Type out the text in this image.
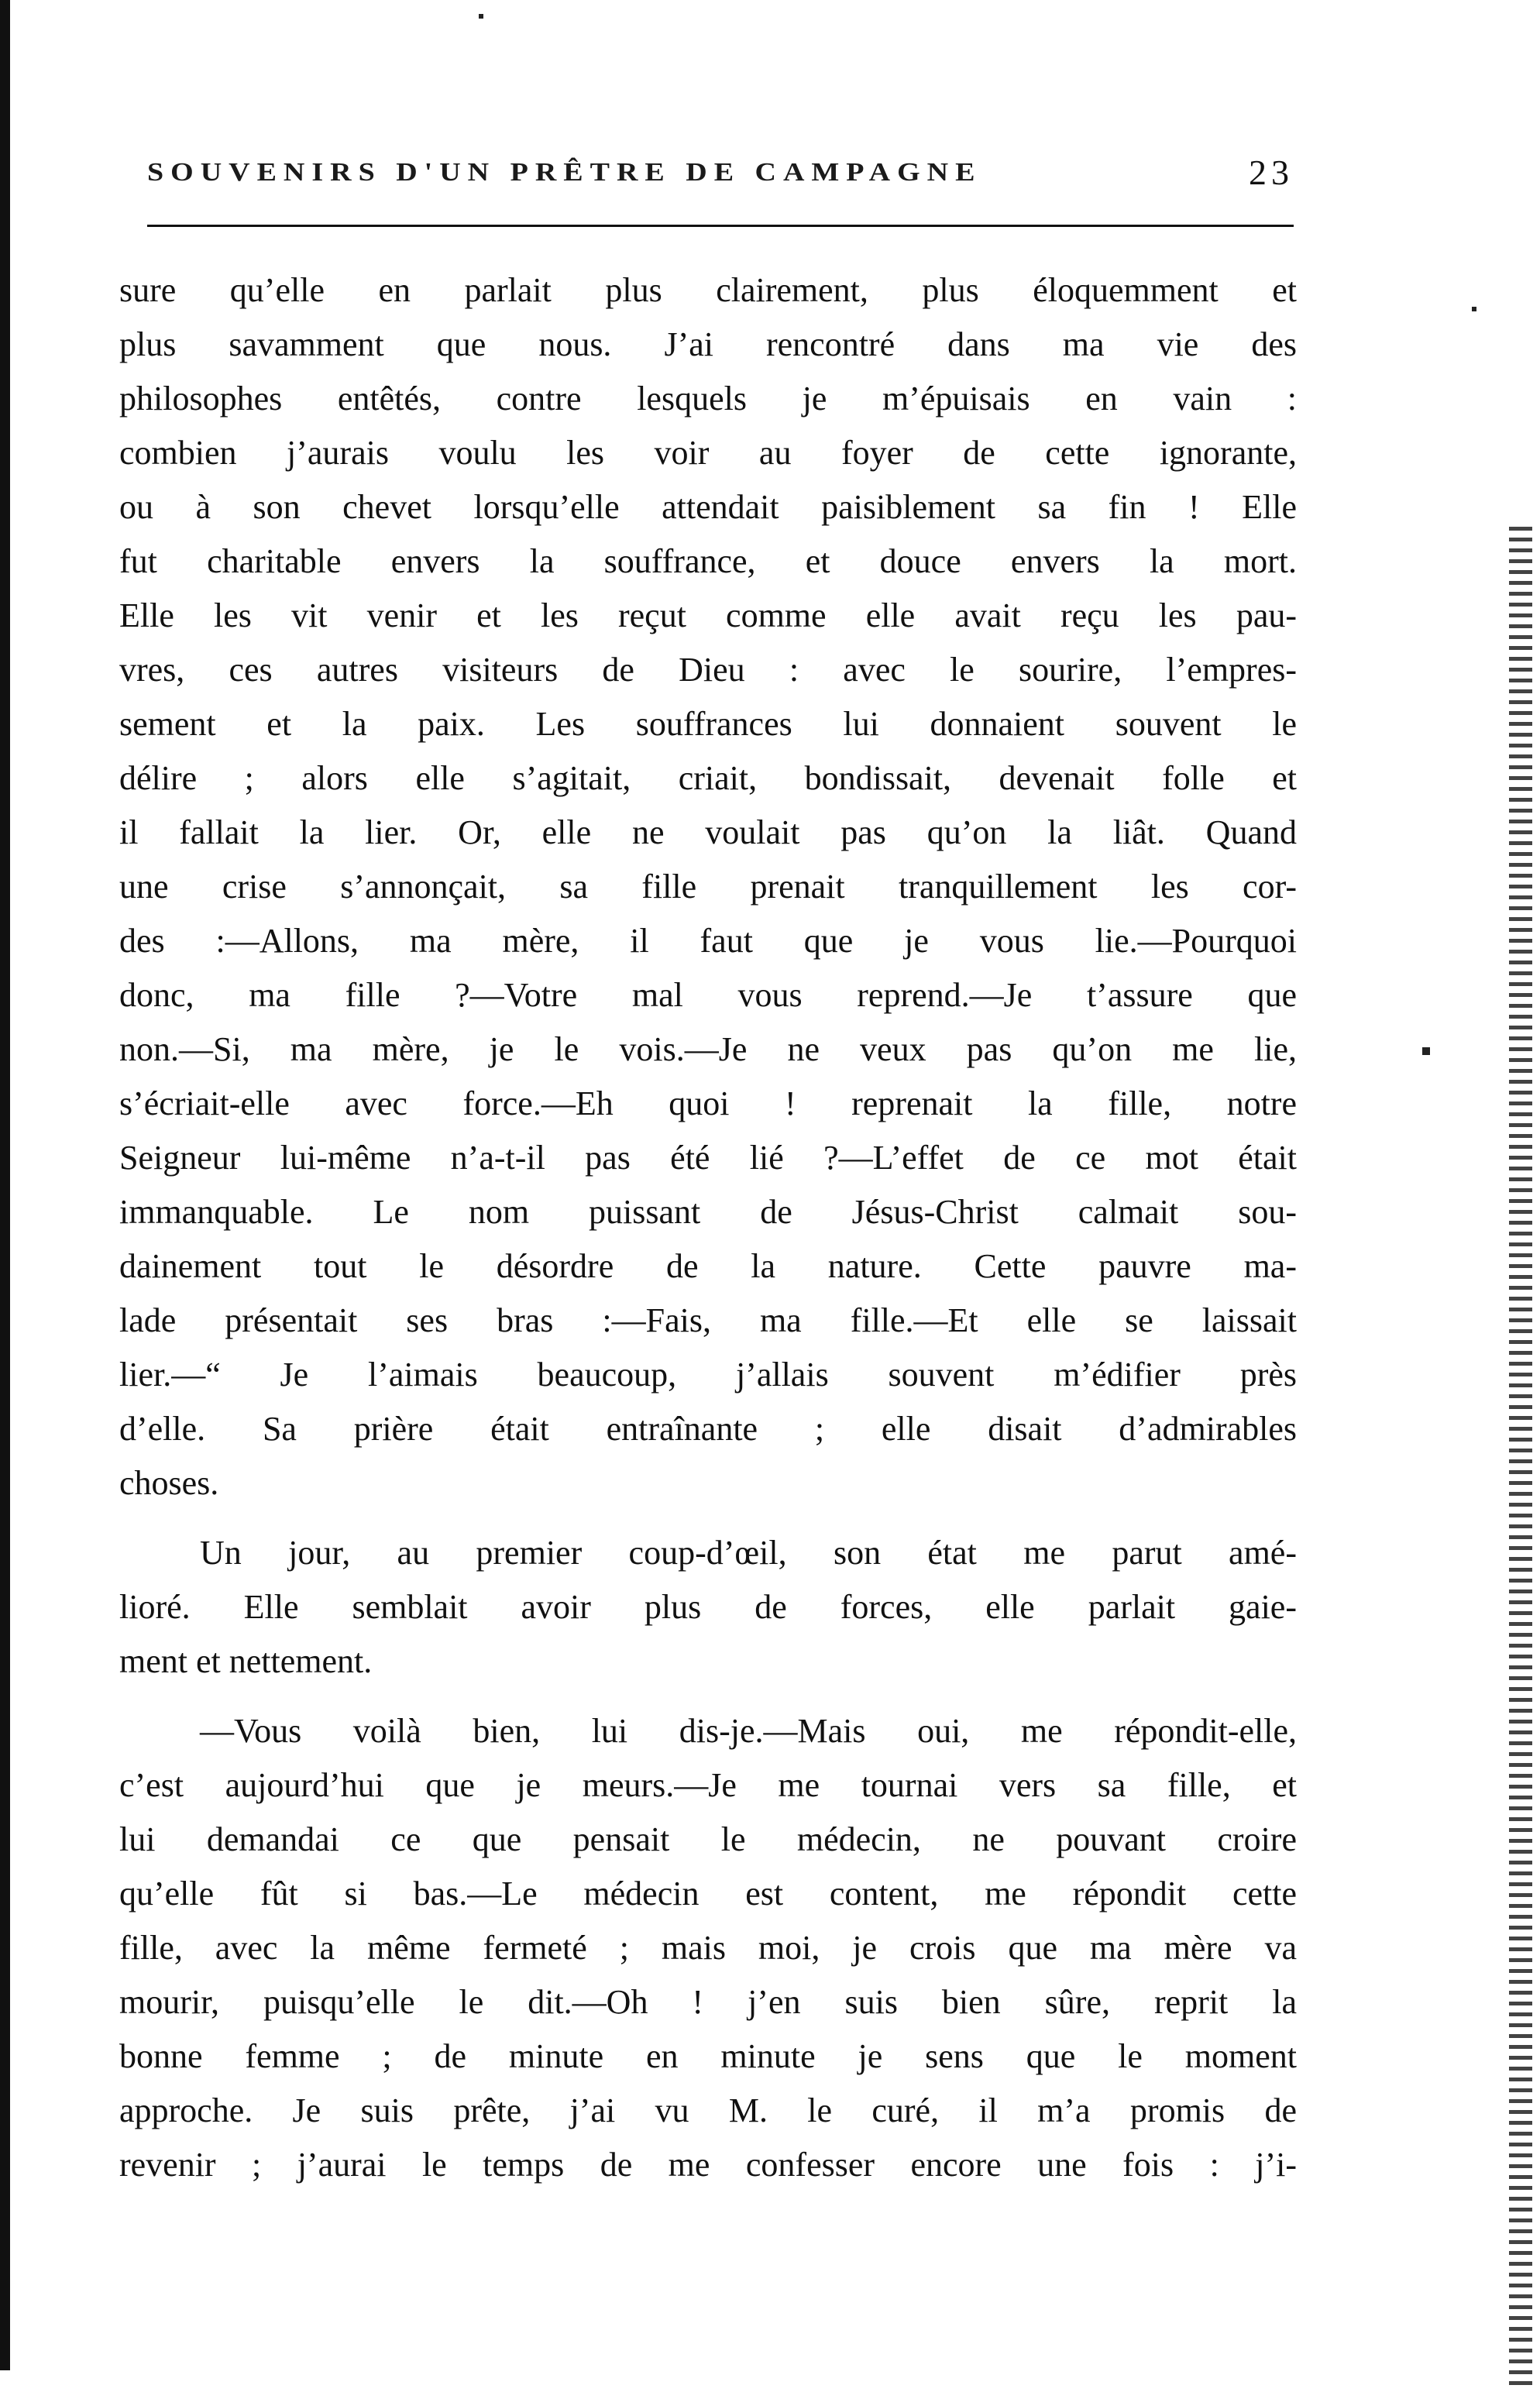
SOUVENIRS D'UN PRÊTRE DE CAMPAGNE	23
sure qu’elle en parlait plus clairement, plus éloquemment et
plus savamment que nous. J’ai rencontré dans ma vie des
philosophes entêtés, contre lesquels je m’épuisais en vain :
combien j’aurais voulu les voir au foyer de cette ignorante,
ou à son chevet lorsqu’elle attendait paisiblement sa fin ! Elle
fut charitable envers la souffrance, et douce envers la mort.
Elle les vit venir et les reçut comme elle avait reçu les pau-
vres, ces autres visiteurs de Dieu : avec le sourire, l’empres-
sement et la paix. Les souffrances lui donnaient souvent le
délire ; alors elle s’agitait, criait, bondissait, devenait folle et
il fallait la lier. Or, elle ne voulait pas qu’on la liât. Quand
une crise s’annonçait, sa fille prenait tranquillement les cor-
des :—Allons, ma mère, il faut que je vous lie.—Pourquoi
donc, ma fille ?—Votre mal vous reprend.—Je t’assure que
non.—Si, ma mère, je le vois.—Je ne veux pas qu’on me lie,
s’écriait-elle avec force.—Eh quoi ! reprenait la fille, notre
Seigneur lui-même n’a-t-il pas été lié ?—L’effet de ce mot était
immanquable. Le nom puissant de Jésus-Christ calmait sou-
dainement tout le désordre de la nature. Cette pauvre ma-
lade présentait ses bras :—Fais, ma fille.—Et elle se laissait
lier.—“ Je l’aimais beaucoup, j’allais souvent m’édifier près
d’elle. Sa prière était entraînante ; elle disait d’admirables
choses.
Un jour, au premier coup-d’œil, son état me parut amé-
lioré. Elle semblait avoir plus de forces, elle parlait gaie-
ment et nettement.
—Vous voilà bien, lui dis-je.—Mais oui, me répondit-elle,
c’est aujourd’hui que je meurs.—Je me tournai vers sa fille, et
lui demandai ce que pensait le médecin, ne pouvant croire
qu’elle fût si bas.—Le médecin est content, me répondit cette
fille, avec la même fermeté ; mais moi, je crois que ma mère va
mourir, puisqu’elle le dit.—Oh ! j’en suis bien sûre, reprit la
bonne femme ; de minute en minute je sens que le moment
approche. Je suis prête, j’ai vu M. le curé, il m’a promis de
revenir ; j’aurai le temps de me confesser encore une fois : j’i-
